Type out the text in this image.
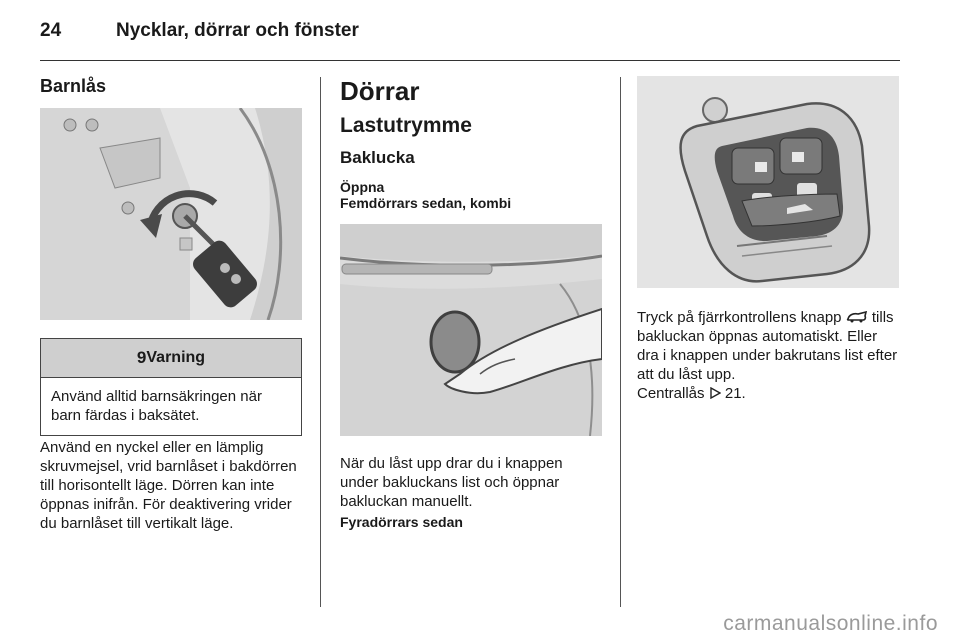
24	Nycklar, dörrar och fönster
Barnlås
9 Varning
Använd alltid barnsäkringen när barn färdas i baksätet.

Använd en nyckel eller en lämplig skruvmejsel, vrid barnlåset i bakdörren till horisontellt läge. Dörren kan inte öppnas inifrån. För deaktivering vrider du barnlåset till vertikalt läge.

Dörrar

Lastutrymme

Baklucka

Öppna

Femdörrars sedan, kombi

När du låst upp drar du i knappen under bakluckans list och öppnar bakluckan manuellt.

Fyradörrars sedan

Tryck på fjärrkontrollens knapp tills bakluckan öppnas automatiskt. Eller dra i knappen under bakrutans list efter att du låst upp.

Centrallås 21.

carmanualsonline.info
